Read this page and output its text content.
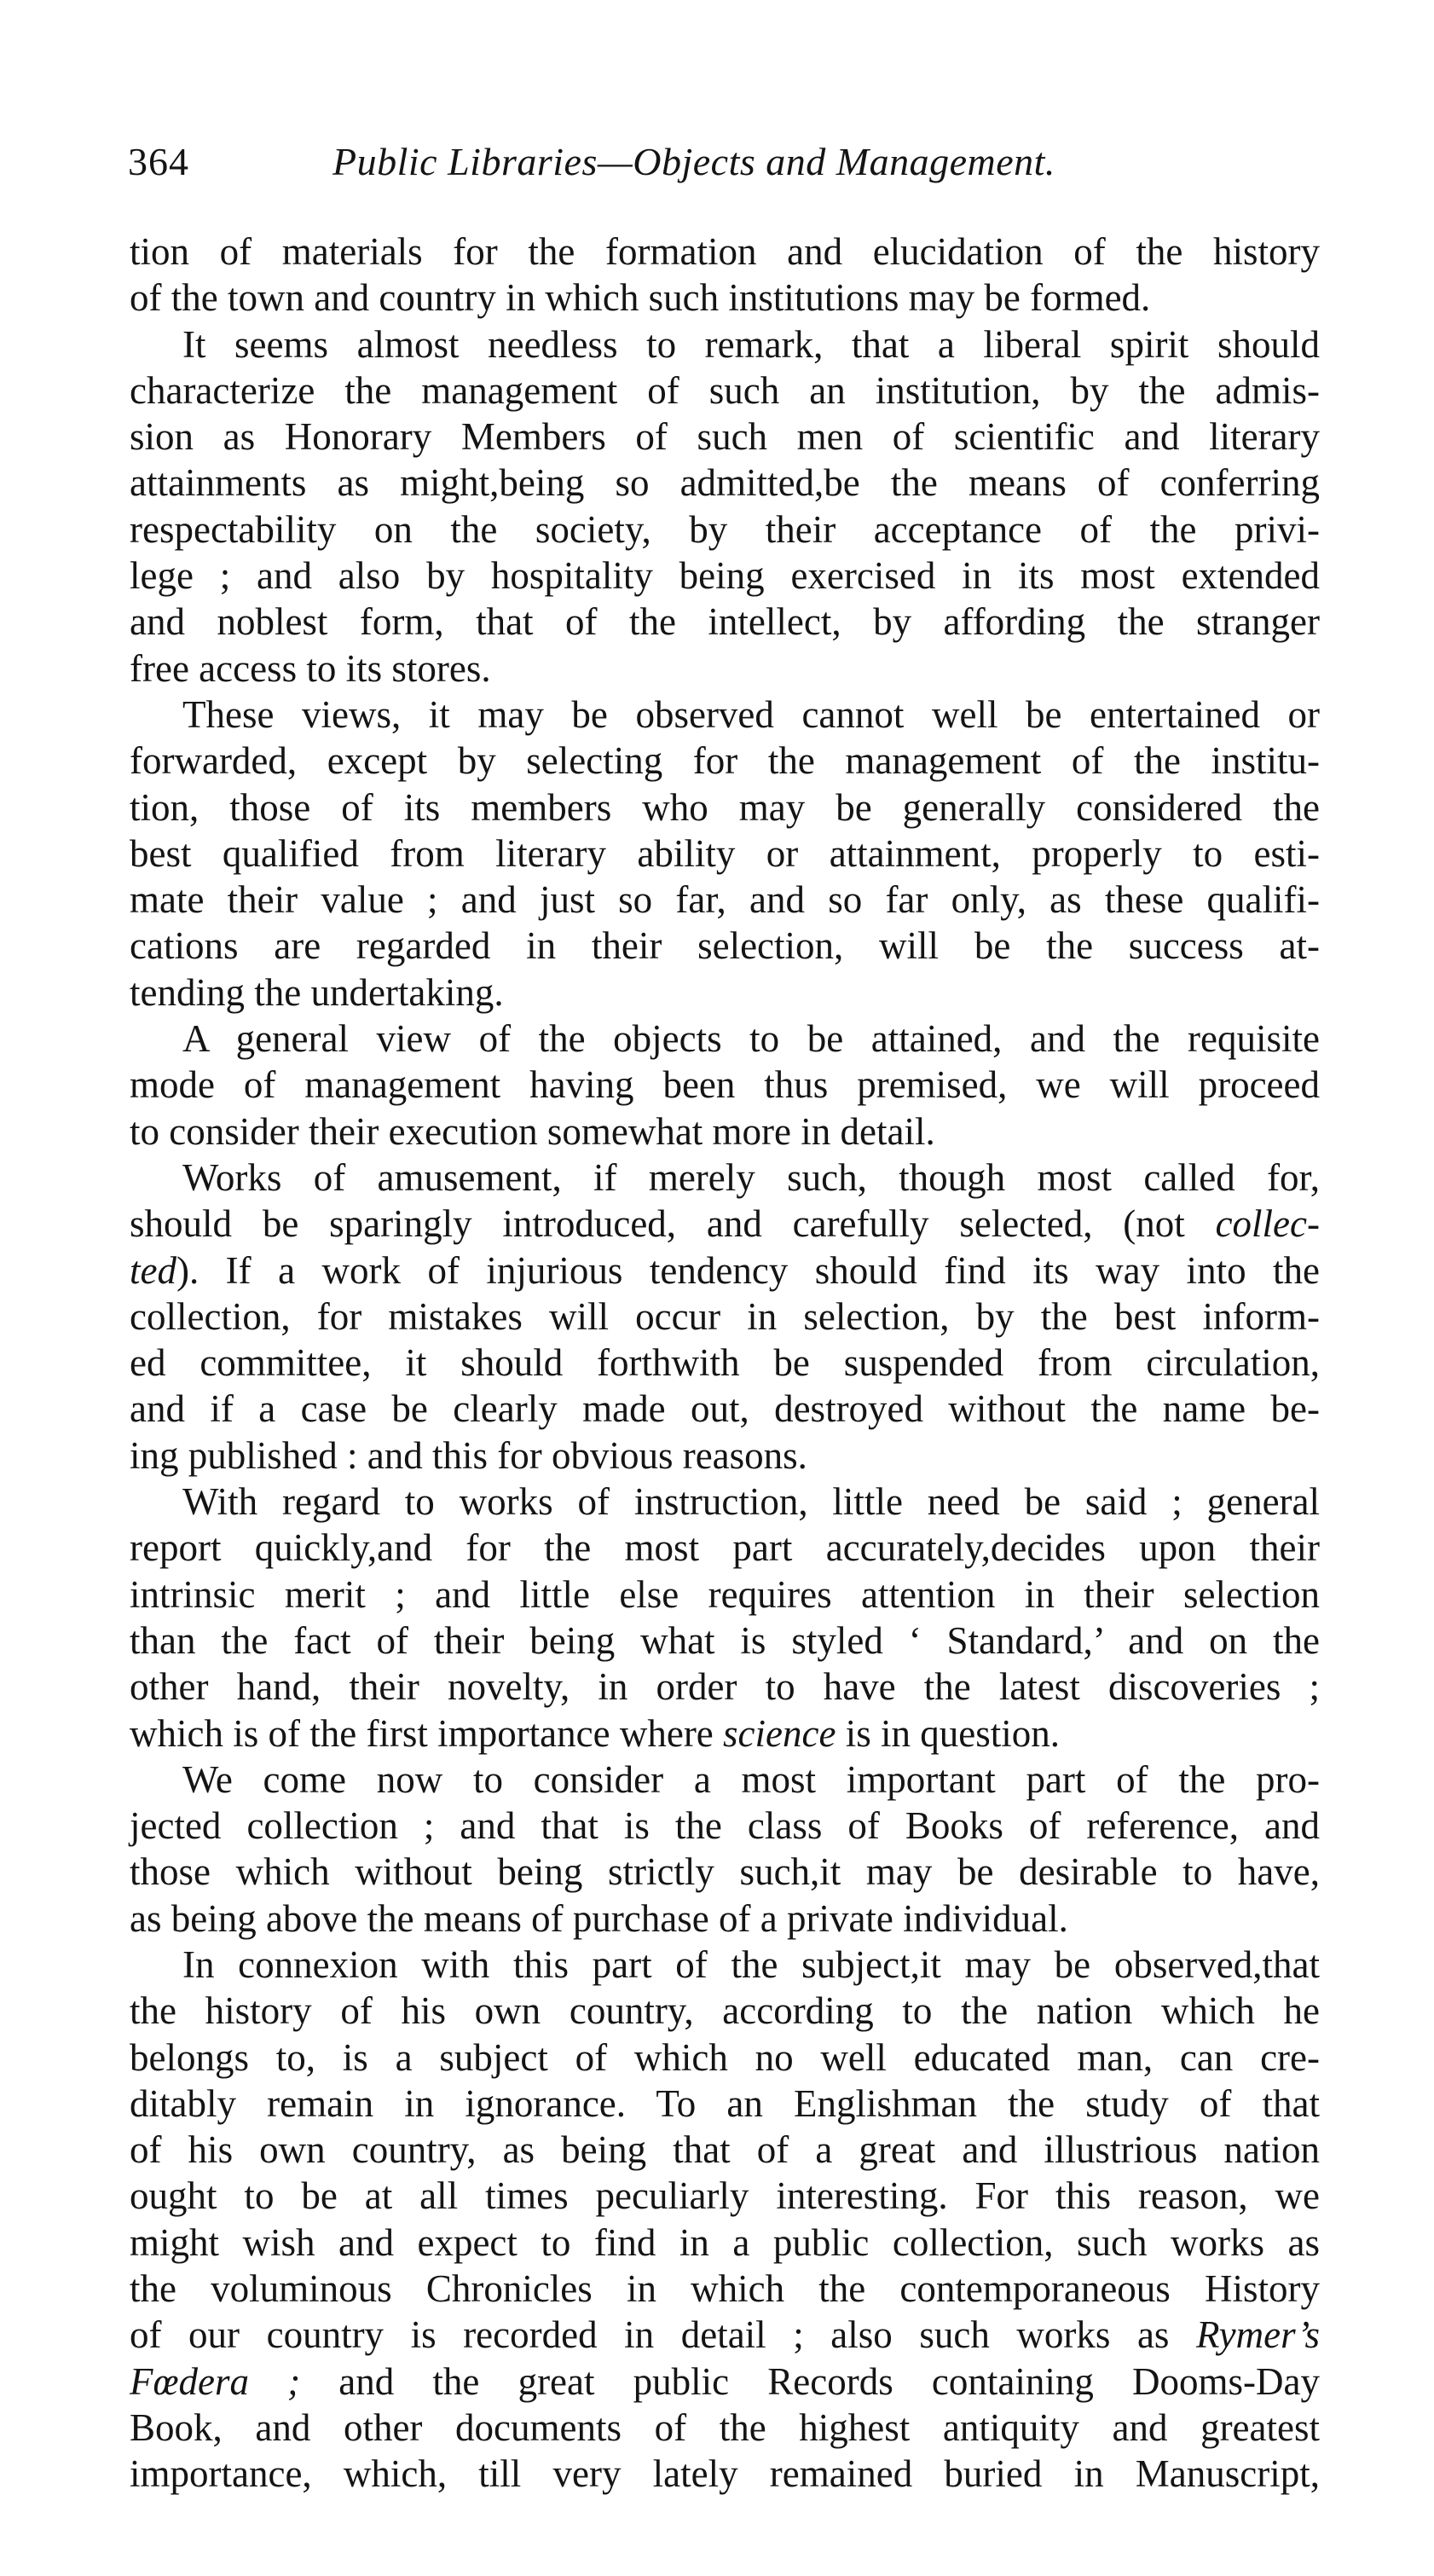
364	Public Libraries—Objects and Management.

tion of materials for the formation and elucidation of the history
of the town and country in which such institutions may be formed.

It seems almost needless to remark, that a liberal spirit should
characterize the management of such an institution, by the admis-
sion as Honorary Members of such men of scientific and literary
attainments as might,being so admitted,be the means of conferring
respectability on the society, by their acceptance of the privi-
lege ; and also by hospitality being exercised in its most extended
and noblest form, that of the intellect, by affording the stranger
free access to its stores.

These views, it may be observed cannot well be entertained or
forwarded, except by selecting for the management of the institu-
tion, those of its members who may be generally considered the
best qualified from literary ability or attainment, properly to esti-
mate their value ; and just so far, and so far only, as these qualifi-
cations are regarded in their selection, will be the success at-
tending the undertaking.

A general view of the objects to be attained, and the requisite
mode of management having been thus premised, we will proceed
to consider their execution somewhat more in detail.

Works of amusement, if merely such, though most called for,
should be sparingly introduced, and carefully selected, (not collec-
ted). If a work of injurious tendency should find its way into the
collection, for mistakes will occur in selection, by the best inform-
ed committee, it should forthwith be suspended from circulation,
and if a case be clearly made out, destroyed without the name be-
ing published : and this for obvious reasons.

With regard to works of instruction, little need be said ; general
report quickly,and for the most part accurately,decides upon their
intrinsic merit ; and little else requires attention in their selection
than the fact of their being what is styled ‘ Standard,’ and on the
other hand, their novelty, in order to have the latest discoveries ;
which is of the first importance where science is in question.

We come now to consider a most important part of the pro-
jected collection ; and that is the class of Books of reference, and
those which without being strictly such,it may be desirable to have,
as being above the means of purchase of a private individual.

In connexion with this part of the subject,it may be observed,that
the history of his own country, according to the nation which he
belongs to, is a subject of which no well educated man, can cre-
ditably remain in ignorance. To an Englishman the study of that
of his own country, as being that of a great and illustrious nation
ought to be at all times peculiarly interesting. For this reason, we
might wish and expect to find in a public collection, such works as
the voluminous Chronicles in which the contemporaneous History
of our country is recorded in detail ; also such works as Rymer’s
Fœdera ; and the great public Records containing Dooms-Day
Book, and other documents of the highest antiquity and greatest
importance, which, till very lately remained buried in Manuscript,
